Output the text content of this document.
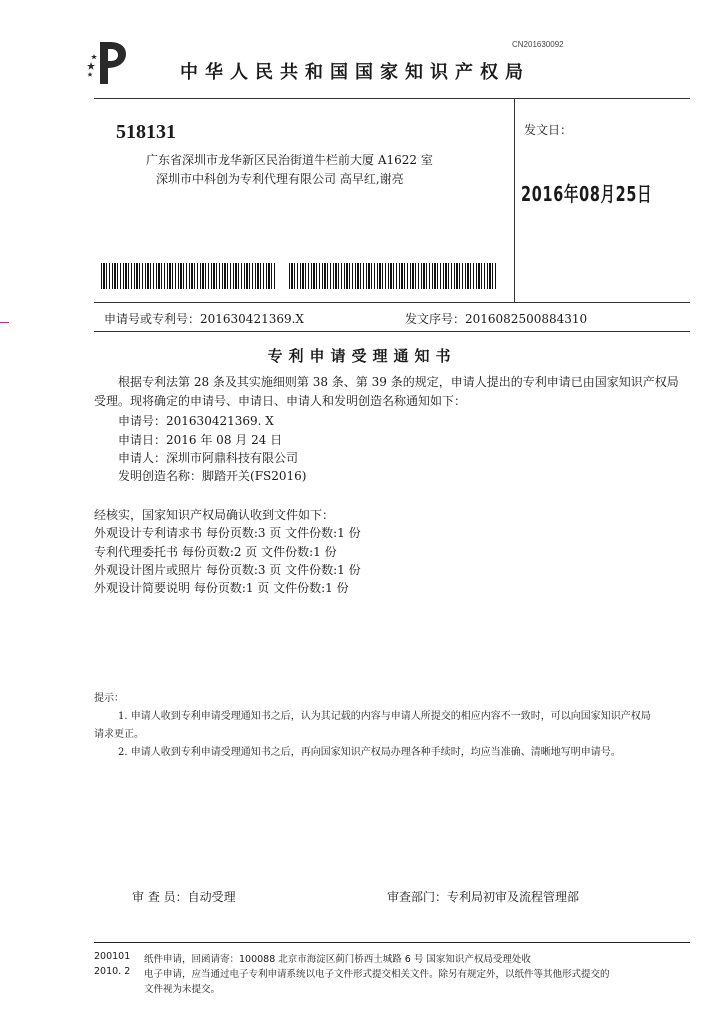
CN201630092
中华人民共和国国家知识产权局
518131
广东省深圳市龙华新区民治街道牛栏前大厦 A1622 室
深圳市中科创为专利代理有限公司 高早红,谢亮
发文日：
2016年08月25日
申请号或专利号：201630421369.X	发文序号：2016082500884310
专利申请受理通知书
根据专利法第 28 条及其实施细则第 38 条、第 39 条的规定，申请人提出的专利申请已由国家知识产权局受理。现将确定的申请号、申请日、申请人和发明创造名称通知如下：
申请号：201630421369. X
申请日：2016 年 08 月 24 日
申请人：深圳市阿鼎科技有限公司
发明创造名称：脚踏开关(FS2016)
经核实，国家知识产权局确认收到文件如下：
外观设计专利请求书 每份页数:3 页 文件份数:1 份
专利代理委托书 每份页数:2 页 文件份数:1 份
外观设计图片或照片 每份页数:3 页 文件份数:1 份
外观设计简要说明 每份页数:1 页 文件份数:1 份
提示：
1. 申请人收到专利申请受理通知书之后，认为其记载的内容与申请人所提交的相应内容不一致时，可以向国家知识产权局
请求更正。
2. 申请人收到专利申请受理通知书之后，再向国家知识产权局办理各种手续时，均应当准确、清晰地写明申请号。
审 查 员：自动受理	审查部门：专利局初审及流程管理部
200101
2010. 2
纸件申请，回函请寄：100088 北京市海淀区蓟门桥西土城路 6 号 国家知识产权局受理处收
电子申请，应当通过电子专利申请系统以电子文件形式提交相关文件。除另有规定外，以纸件等其他形式提交的
文件视为未提交。
